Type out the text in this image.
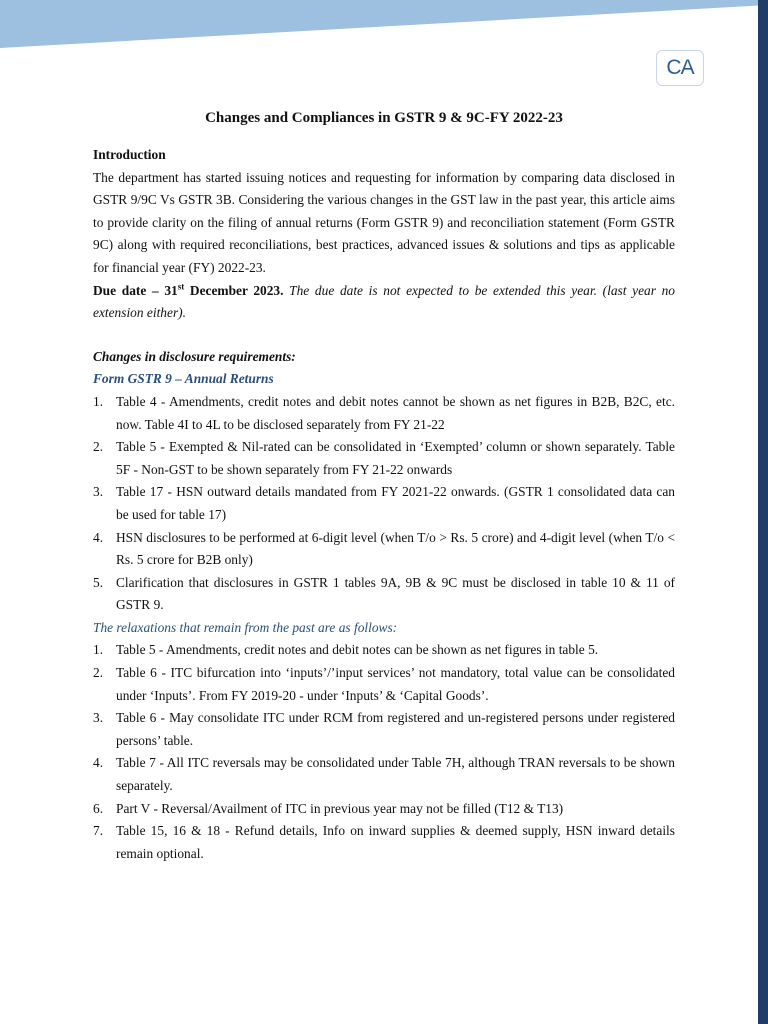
CA
Changes and Compliances in GSTR 9 & 9C-FY 2022-23
Introduction

The department has started issuing notices and requesting for information by comparing data disclosed in GSTR 9/9C Vs GSTR 3B. Considering the various changes in the GST law in the past year, this article aims to provide clarity on the filing of annual returns (Form GSTR 9) and reconciliation statement (Form GSTR 9C) along with required reconciliations, best practices, advanced issues & solutions and tips as applicable for financial year (FY) 2022-23.

Due date – 31st December 2023. The due date is not expected to be extended this year. (last year no extension either).

Changes in disclosure requirements:
Form GSTR 9 – Annual Returns
1. Table 4 - Amendments, credit notes and debit notes cannot be shown as net figures in B2B, B2C, etc. now. Table 4I to 4L to be disclosed separately from FY 21-22
2. Table 5 - Exempted & Nil-rated can be consolidated in ‘Exempted’ column or shown separately. Table 5F - Non-GST to be shown separately from FY 21-22 onwards
3. Table 17 - HSN outward details mandated from FY 2021-22 onwards. (GSTR 1 consolidated data can be used for table 17)
4. HSN disclosures to be performed at 6-digit level (when T/o > Rs. 5 crore) and 4-digit level (when T/o < Rs. 5 crore for B2B only)
5. Clarification that disclosures in GSTR 1 tables 9A, 9B & 9C must be disclosed in table 10 & 11 of GSTR 9.
The relaxations that remain from the past are as follows:
1. Table 5 - Amendments, credit notes and debit notes can be shown as net figures in table 5.
2. Table 6 - ITC bifurcation into ‘inputs’/’input services’ not mandatory, total value can be consolidated under ‘Inputs’. From FY 2019-20 - under ‘Inputs’ & ‘Capital Goods’.
3. Table 6 - May consolidate ITC under RCM from registered and un-registered persons under registered persons’ table.
4. Table 7 - All ITC reversals may be consolidated under Table 7H, although TRAN reversals to be shown separately.
6. Part V - Reversal/Availment of ITC in previous year may not be filled (T12 & T13)
7. Table 15, 16 & 18 - Refund details, Info on inward supplies & deemed supply, HSN inward details remain optional.
